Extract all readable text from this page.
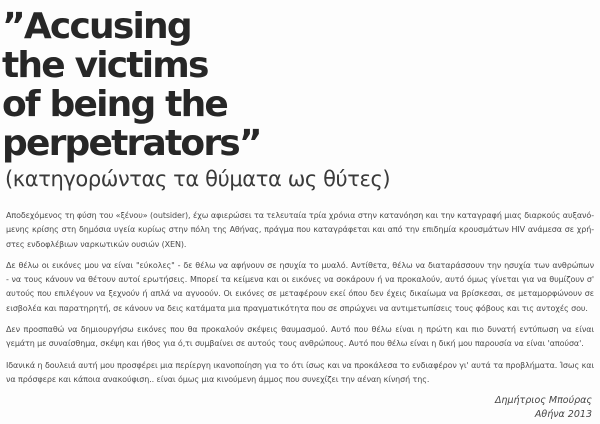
”Accusing
the victims
of being the
perpetrators”
(κατηγορώντας τα θύματα ως θύτες)
Αποδεχόμενος τη φύση του «ξένου» (outsider), έχω αφιερώσει τα τελευταία τρία χρόνια στην κατανόηση και την καταγραφή μιας διαρκούς αυξανό-
μενης κρίσης στη δημόσια υγεία κυρίως στην πόλη της Αθήνας, πράγμα που καταγράφεται και από την επιδημία κρουσμάτων HIV ανάμεσα σε χρή-
στες ενδοφλέβιων ναρκωτικών ουσιών (ΧΕΝ).
Δε θέλω οι εικόνες μου να είναι "εύκολες" - δε θέλω να αφήνουν σε ησυχία το μυαλό. Αντίθετα, θέλω να διαταράσσουν την ησυχία των ανθρώπων
- να τους κάνουν να θέτουν αυτοί ερωτήσεις. Μπορεί τα κείμενα και οι εικόνες να σοκάρουν ή να προκαλούν, αυτό όμως γίνεται για να θυμίζουν σ'
αυτούς που επιλέγουν να ξεχνούν ή απλά να αγνοούν. Οι εικόνες σε μεταφέρουν εκεί όπου δεν έχεις δικαίωμα να βρίσκεσαι, σε μεταμορφώνουν σε
εισβολέα και παρατηρητή, σε κάνουν να δεις κατάματα μια πραγματικότητα που σε σπρώχνει να αντιμετωπίσεις τους φόβους και τις αντοχές σου.
Δεν προσπαθώ να δημιουργήσω εικόνες που θα προκαλούν σκέψεις θαυμασμού. Αυτό που θέλω είναι η πρώτη και πιο δυνατή εντύπωση να είναι
γεμάτη με συναίσθημα, σκέψη και ήθος για ό,τι συμβαίνει σε αυτούς τους ανθρώπους. Αυτό που θέλω είναι η δική μου παρουσία να είναι 'απούσα'.
Ιδανικά η δουλειά αυτή μου προσφέρει μια περίεργη ικανοποίηση για το ότι ίσως και να προκάλεσα το ενδιαφέρον γι' αυτά τα προβλήματα. Ίσως και
να πρόσφερε και κάποια ανακούφιση.. είναι όμως μια κινούμενη άμμος που συνεχίζει την αέναη κίνησή της.
Δημήτριος Μπούρας
Αθήνα 2013
